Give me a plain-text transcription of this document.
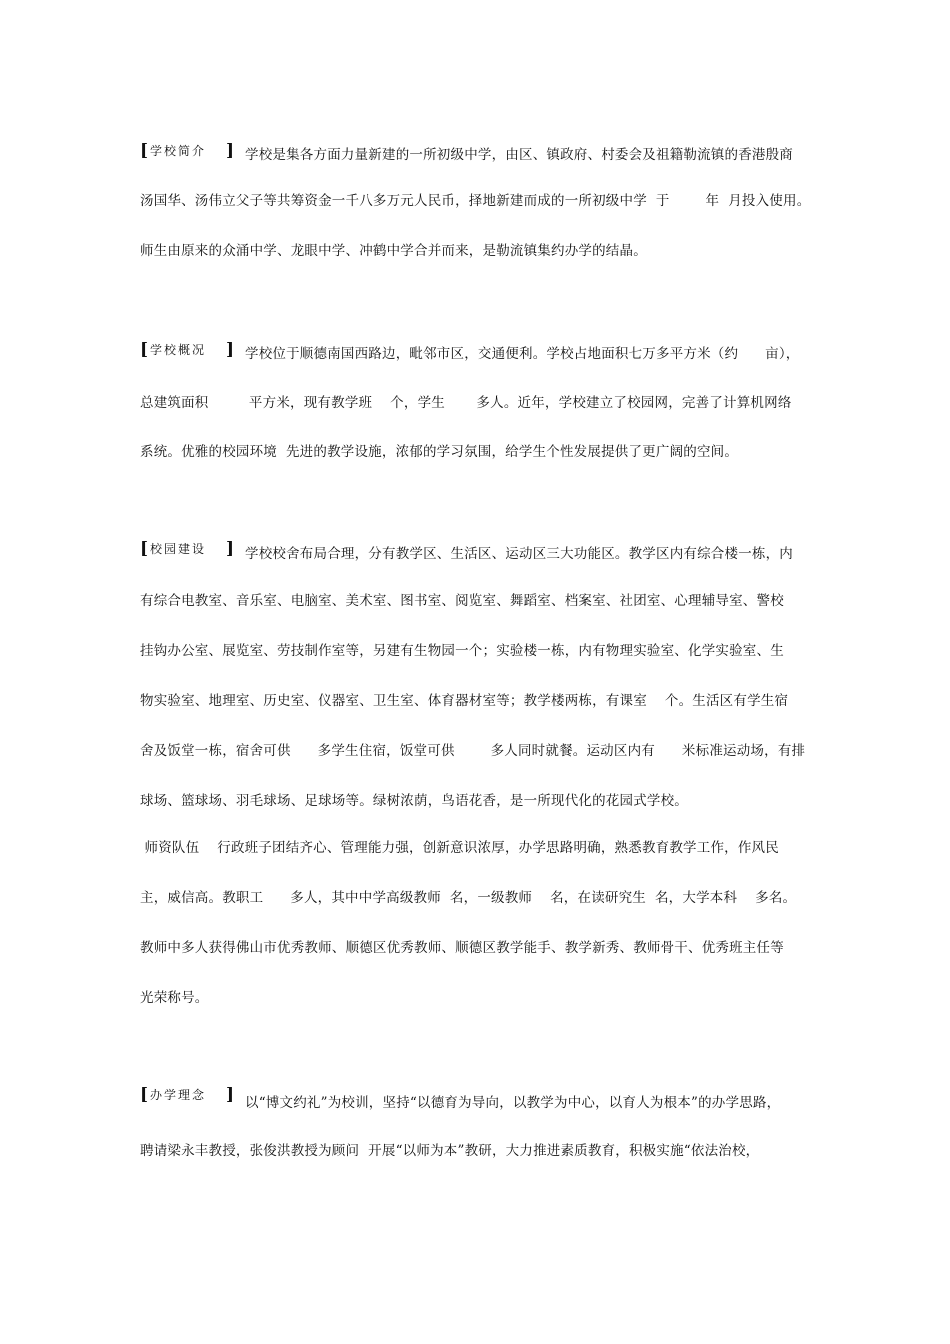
[ 学校简介 ] 学校是集各方面力量新建的一所初级中学，由区、镇政府、村委会及祖籍勒流镇的香港殷商
汤国华、汤伟立父子等共筹资金一千八多万元人民币，择地新建而成的一所初级中学  于        年  月投入使用。
师生由原来的众涌中学、龙眼中学、冲鹤中学合并而来，是勒流镇集约办学的结晶。
[ 学校概况 ] 学校位于顺德南国西路边，毗邻市区，交通便利。学校占地面积七万多平方米（约      亩），
总建筑面积         平方米，现有教学班    个，学生       多人。近年，学校建立了校园网，完善了计算机网络
系统。优雅的校园环境  先进的教学设施，浓郁的学习氛围，给学生个性发展提供了更广阔的空间。
[ 校园建设 ] 学校校舍布局合理，分有教学区、生活区、运动区三大功能区。教学区内有综合楼一栋，内
有综合电教室、音乐室、电脑室、美术室、图书室、阅览室、舞蹈室、档案室、社团室、心理辅导室、警校
挂钩办公室、展览室、劳技制作室等，另建有生物园一个；实验楼一栋，内有物理实验室、化学实验室、生
物实验室、地理室、历史室、仪器室、卫生室、体育器材室等；教学楼两栋，有课室    个。生活区有学生宿
舍及饭堂一栋，宿舍可供      多学生住宿，饭堂可供        多人同时就餐。运动区内有      米标准运动场，有排
球场、篮球场、羽毛球场、足球场等。绿树浓荫，鸟语花香，是一所现代化的花园式学校。
师资队伍    行政班子团结齐心、管理能力强，创新意识浓厚，办学思路明确，熟悉教育教学工作，作风民
主，威信高。教职工      多人，其中中学高级教师  名，一级教师    名，在读研究生  名，大学本科    多名。
教师中多人获得佛山市优秀教师、顺德区优秀教师、顺德区教学能手、教学新秀、教师骨干、优秀班主任等
光荣称号。
[ 办学理念 ] 以“博文约礼”为校训，坚持“以德育为导向，以教学为中心，以育人为根本”的办学思路，
聘请梁永丰教授，张俊洪教授为顾问  开展“以师为本”教研，大力推进素质教育，积极实施“依法治校，
